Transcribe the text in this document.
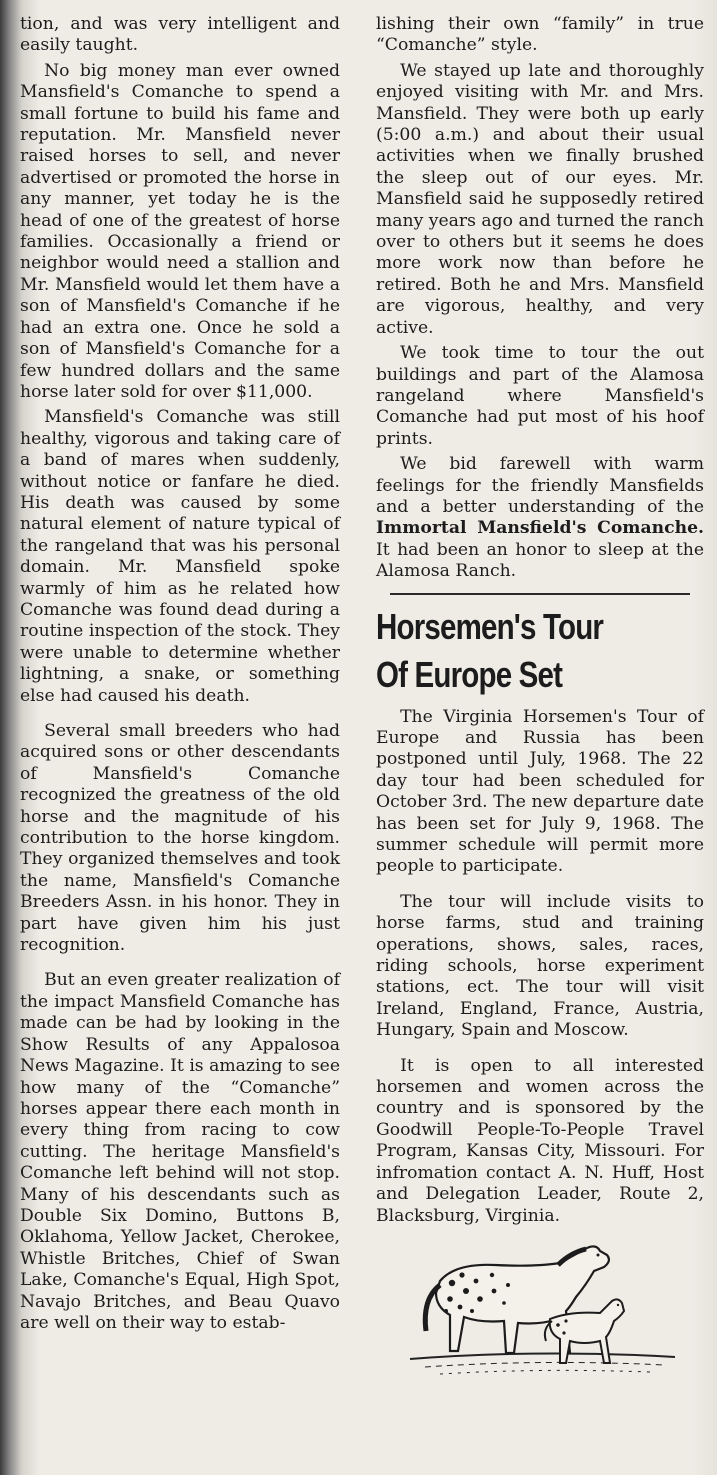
tion, and was very intelligent and easily taught.

No big money man ever owned Mansfield's Comanche to spend a small fortune to build his fame and reputation. Mr. Mansfield never raised horses to sell, and never advertised or promoted the horse in any manner, yet today he is the head of one of the greatest of horse families. Occasionally a friend or neighbor would need a stallion and Mr. Mansfield would let them have a son of Mansfield's Comanche if he had an extra one. Once he sold a son of Mansfield's Comanche for a few hundred dollars and the same horse later sold for over $11,000.

Mansfield's Comanche was still healthy, vigorous and taking care of a band of mares when suddenly, without notice or fanfare he died. His death was caused by some natural element of nature typical of the rangeland that was his personal domain. Mr. Mansfield spoke warmly of him as he related how Comanche was found dead during a routine inspection of the stock. They were unable to determine whether lightning, a snake, or something else had caused his death.

Several small breeders who had acquired sons or other descendants of Mansfield's Comanche recognized the greatness of the old horse and the magnitude of his contribution to the horse kingdom. They organized themselves and took the name, Mansfield's Comanche Breeders Assn. in his honor. They in part have given him his just recognition.

But an even greater realization of the impact Mansfield Comanche has made can be had by looking in the Show Results of any Appalosoa News Magazine. It is amazing to see how many of the “Comanche” horses appear there each month in every thing from racing to cow cutting. The heritage Mansfield's Comanche left behind will not stop. Many of his descendants such as Double Six Domino, Buttons B, Oklahoma, Yellow Jacket, Cherokee, Whistle Britches, Chief of Swan Lake, Comanche's Equal, High Spot, Navajo Britches, and Beau Quavo are well on their way to estab-

lishing their own “family” in true “Comanche” style.

We stayed up late and thoroughly enjoyed visiting with Mr. and Mrs. Mansfield. They were both up early (5:00 a.m.) and about their usual activities when we finally brushed the sleep out of our eyes. Mr. Mansfield said he supposedly retired many years ago and turned the ranch over to others but it seems he does more work now than before he retired. Both he and Mrs. Mansfield are vigorous, healthy, and very active.

We took time to tour the out buildings and part of the Alamosa rangeland where Mansfield's Comanche had put most of his hoof prints.

We bid farewell with warm feelings for the friendly Mansfields and a better understanding of the Immortal Mansfield's Comanche. It had been an honor to sleep at the Alamosa Ranch.

Horsemen's Tour
Of Europe Set

The Virginia Horsemen's Tour of Europe and Russia has been postponed until July, 1968. The 22 day tour had been scheduled for October 3rd. The new departure date has been set for July 9, 1968. The summer schedule will permit more people to participate.

The tour will include visits to horse farms, stud and training operations, shows, sales, races, riding schools, horse experiment stations, ect. The tour will visit Ireland, England, France, Austria, Hungary, Spain and Moscow.

It is open to all interested horsemen and women across the country and is sponsored by the Goodwill People-To-People Travel Program, Kansas City, Missouri. For infromation contact A. N. Huff, Host and Delegation Leader, Route 2, Blacksburg, Virginia.
